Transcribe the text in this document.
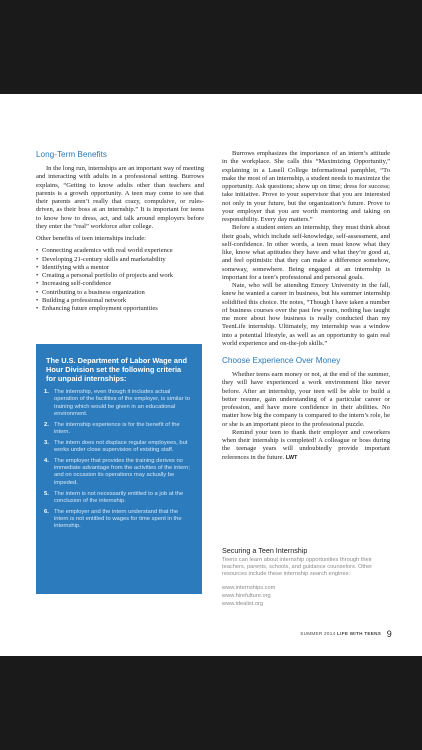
Long-Term Benefits

In the long run, internships are an important way of meeting and interacting with adults in a professional setting. Burrows explains, “Getting to know adults other than teachers and parents is a growth opportunity. A teen may come to see that their parents aren’t really that crazy, compulsive, or rules-driven, as their boss at an internship.” It is important for teens to know how to dress, act, and talk around employers before they enter the “real” workforce after college.

Other benefits of teen internships include:

• Connecting academics with real world experience
• Developing 21-century skills and marketability
• Identifying with a mentor
• Creating a personal portfolio of projects and work
• Increasing self-confidence
• Contributing to a business organization
• Building a professional network
• Enhancing future employment opportunities
The U.S. Department of Labor Wage and Hour Division set the following criteria for unpaid internships:
1. The internship, even though it includes actual operation of the facilities of the employer, is similar to training which would be given in an educational environment.
2. The internship experience is for the benefit of the intern.
3. The intern does not displace regular employees, but works under close supervision of existing staff.
4. The employer that provides the training derives no immediate advantage from the activities of the intern; and on occasion its operations may actually be impeded.
5. The intern is not necessarily entitled to a job at the conclusion of the internship.
6. The employer and the intern understand that the intern is not entitled to wages for time spent in the internship.

Burrows emphasizes the importance of an intern’s attitude in the workplace. She calls this “Maximizing Opportunity,” explaining in a Lasell College informational pamphlet, “To make the most of an internship, a student needs to maximize the opportunity. Ask questions; show up on time; dress for success; take initiative. Prove to your supervisor that you are interested not only in your future, but the organization’s future. Prove to your employer that you are worth mentoring and taking on responsibility. Every day matters.”

Before a student enters an internship, they must think about their goals, which include self-knowledge, self-assessment, and self-confidence. In other words, a teen must know what they like, know what aptitudes they have and what they’re good at, and feel optimistic that they can make a difference somehow, someway, somewhere. Being engaged at an internship is important for a teen’s professional and personal goals.

Nate, who will be attending Emory University in the fall, knew he wanted a career in business, but his summer internship solidified this choice. He notes, “Though I have taken a number of business courses over the past few years, nothing has taught me more about how business is really conducted than my TeenLife internship. Ultimately, my internship was a window into a potential lifestyle, as well as an opportunity to gain real world experience and on-the-job skills.”

Choose Experience Over Money

Whether teens earn money or not, at the end of the summer, they will have experienced a work environment like never before. After an internship, your teen will be able to build a better resume, gain understanding of a particular career or profession, and have more confidence in their abilities. No matter how big the company is compared to the intern’s role, he or she is an important piece to the professional puzzle.

Remind your teen to thank their employer and coworkers when their internship is completed! A colleague or boss during the teenage years will undoubtedly provide important references in the future. LWT

Securing a Teen Internship

Teens can learn about internship opportunities through their teachers, parents, schools, and guidance counselors. Other resources include these internship search engines:

www.internships.com
www.hirefulture.org
www.idealist.org
SUMMER 2014 LIFE WITH TEENS 9
